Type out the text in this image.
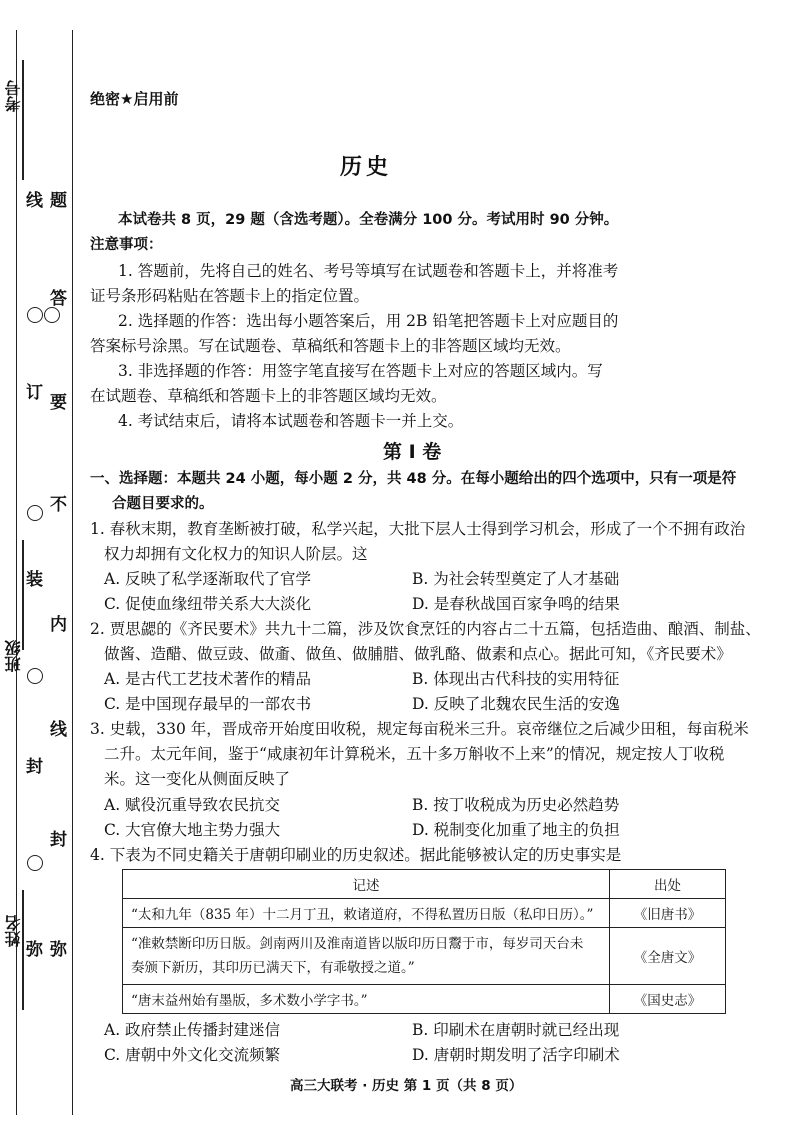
考号
班级
姓名
线
订
装
封
弥
题
答
要
不
内
线
封
弥
绝密★启用前
历史
本试卷共 8 页，29 题（含选考题）。全卷满分 100 分。考试用时 90 分钟。
注意事项：
1. 答题前，先将自己的姓名、考号等填写在试题卷和答题卡上，并将准考
证号条形码粘贴在答题卡上的指定位置。
2. 选择题的作答：选出每小题答案后，用 2B 铅笔把答题卡上对应题目的
答案标号涂黑。写在试题卷、草稿纸和答题卡上的非答题区域均无效。
3. 非选择题的作答：用签字笔直接写在答题卡上对应的答题区域内。写
在试题卷、草稿纸和答题卡上的非答题区域均无效。
4. 考试结束后，请将本试题卷和答题卡一并上交。
第 Ⅰ 卷
一、选择题：本题共 24 小题，每小题 2 分，共 48 分。在每小题给出的四个选项中，只有一项是符
合题目要求的。
1. 春秋末期，教育垄断被打破，私学兴起，大批下层人士得到学习机会，形成了一个不拥有政治
权力却拥有文化权力的知识人阶层。这
A. 反映了私学逐渐取代了官学	B. 为社会转型奠定了人才基础
C. 促使血缘纽带关系大大淡化	D. 是春秋战国百家争鸣的结果
2. 贾思勰的《齐民要术》共九十二篇，涉及饮食烹饪的内容占二十五篇，包括造曲、酿酒、制盐、
做酱、造醋、做豆豉、做齑、做鱼、做脯腊、做乳酪、做素和点心。据此可知，《齐民要术》
A. 是古代工艺技术著作的精品	B. 体现出古代科技的实用特征
C. 是中国现存最早的一部农书	D. 反映了北魏农民生活的安逸
3. 史载，330 年，晋成帝开始度田收税，规定每亩税米三升。哀帝继位之后减少田租，每亩税米
二升。太元年间，鉴于“咸康初年计算税米，五十多万斛收不上来”的情况，规定按人丁收税
米。这一变化从侧面反映了
A. 赋役沉重导致农民抗交	B. 按丁收税成为历史必然趋势
C. 大官僚大地主势力强大	D. 税制变化加重了地主的负担
4. 下表为不同史籍关于唐朝印刷业的历史叙述。据此能够被认定的历史事实是
记述	出处
“太和九年（835 年）十二月丁丑，敕诸道府，不得私置历日版（私印日历）。”	《旧唐书》

“准敕禁断印历日版。剑南两川及淮南道皆以版印历日鬻于市，每岁司天台未
奏颁下新历，其印历已满天下，有乖敬授之道。”	《全唐文》
“唐末益州始有墨版，多术数小学字书。”	《国史志》
A. 政府禁止传播封建迷信	B. 印刷术在唐朝时就已经出现
C. 唐朝中外文化交流频繁	D. 唐朝时期发明了活字印刷术
高三大联考 · 历史 第 1 页（共 8 页）
